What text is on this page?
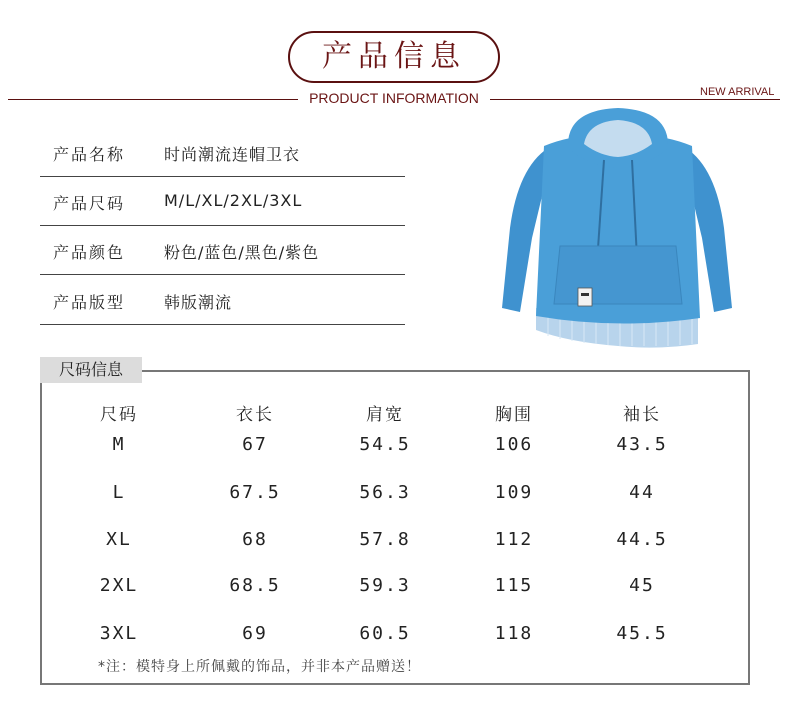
产品信息
PRODUCT INFORMATION	NEW ARRIVAL
产品名称 时尚潮流连帽卫衣
产品尺码 M/L/XL/2XL/3XL
产品颜色 粉色/蓝色/黑色/紫色
产品版型 韩版潮流
尺码	衣长	肩宽	胸围	袖长
M	67	54.5	106	43.5
L	67.5	56.3	109	44
XL	68	57.8	112	44.5
2XL	68.5	59.3	115	45
3XL	69	60.5	118	45.5
尺码信息
*注：模特身上所佩戴的饰品，并非本产品赠送！
